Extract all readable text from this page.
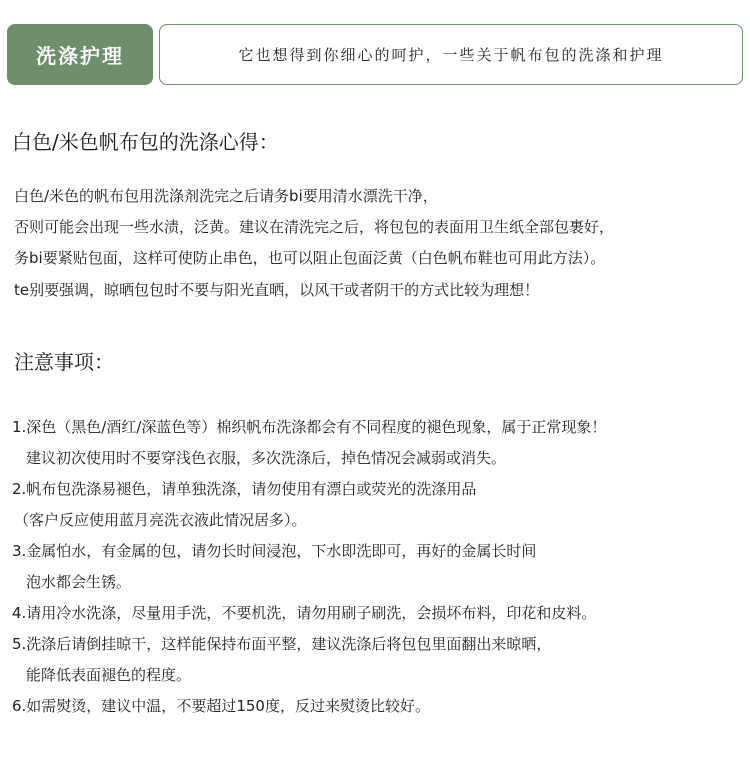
洗涤护理	它也想得到你细心的呵护，一些关于帆布包的洗涤和护理
白色/米色帆布包的洗涤心得：
白色/米色的帆布包用洗涤剂洗完之后请务bi要用清水漂洗干净，
否则可能会出现一些水渍，泛黄。建议在清洗完之后，将包包的表面用卫生纸全部包裹好，
务bi要紧贴包面，这样可使防止串色，也可以阻止包面泛黄（白色帆布鞋也可用此方法）。
te别要强调，晾晒包包时不要与阳光直晒，以风干或者阴干的方式比较为理想！
注意事项：
1.深色（黑色/酒红/深蓝色等）棉织帆布洗涤都会有不同程度的褪色现象，属于正常现象！
建议初次使用时不要穿浅色衣服，多次洗涤后，掉色情况会减弱或消失。
2.帆布包洗涤易褪色，请单独洗涤，请勿使用有漂白或荧光的洗涤用品
（客户反应使用蓝月亮洗衣液此情况居多）。
3.金属怕水，有金属的包，请勿长时间浸泡，下水即洗即可，再好的金属长时间
泡水都会生锈。
4.请用冷水洗涤，尽量用手洗，不要机洗，请勿用刷子刷洗，会损坏布料，印花和皮料。
5.洗涤后请倒挂晾干，这样能保持布面平整，建议洗涤后将包包里面翻出来晾晒，
能降低表面褪色的程度。
6.如需熨烫，建议中温，不要超过150度，反过来熨烫比较好。
